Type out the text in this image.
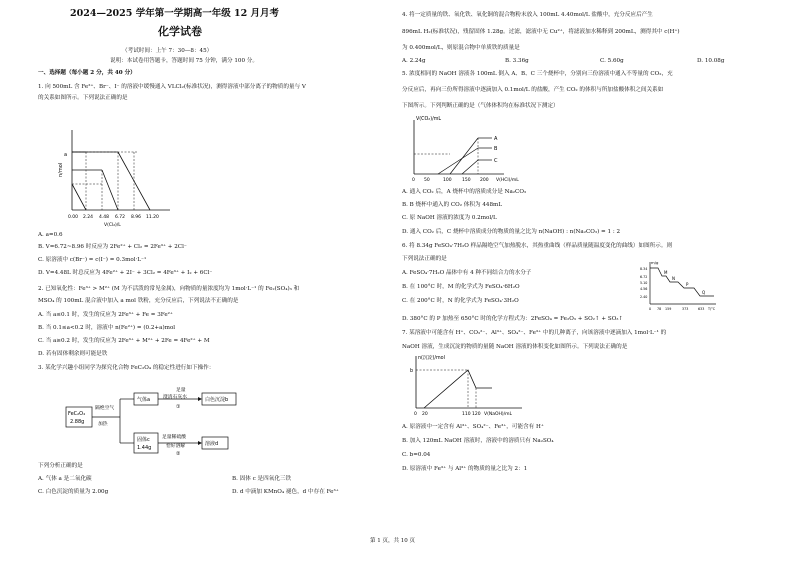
2024—2025 学年第一学期高一年级 12 月月考
化学试卷
（考试时间：上午 7：30—8：45）
说明：本试卷用答题卡，答题时间 75 分钟，满分 100 分。
一、选择题（每小题 2 分，共 40 分）
1. 向 500mL 含 Fe²⁺、Br⁻、I⁻ 的溶液中缓慢通入 VLCl₂(标准状况)，测得溶液中部分离子的物质的量与 V
的关系如图所示。下列说法正确的是
n/mol
a
0.00 2.24 4.48 6.72 8.96 11.20
V(Cl₂)/L
A. a=0.6
B. V=6.72~8.96 时反应为 2Fe²⁺ + Cl₂ = 2Fe³⁺ + 2Cl⁻
C. 原溶液中 c(Br⁻) = c(I⁻) = 0.3mol·L⁻¹
D. V=4.48L 时总反应为 4Fe²⁺ + 2I⁻ + 3Cl₂ = 4Fe³⁺ + I₂ + 6Cl⁻
2. 已知氧化性：Fe³⁺ > M²⁺ (M 为不活泼的常见金属)，向物质的量浓度均为 1mol·L⁻¹ 的 Fe₂(SO₄)₃ 和
MSO₄ 的 100mL 混合液中加入 a mol 铁粉，充分反应后，下列说法不正确的是
A. 当 a≤0.1 时，发生的反应为 2Fe³⁺ + Fe = 3Fe²⁺
B. 当 0.1≤a<0.2 时，溶液中 n(Fe²⁺) = (0.2+a)mol
C. 当 a≥0.2 时，发生的反应为 2Fe³⁺ + M²⁺ + 2Fe = 4Fe²⁺ + M
D. 若有固体剩余则可能是铁
3. 某化学兴趣小组同学为探究化合物 FeC₂O₄ 的稳定性进行如下操作：
FeC₂O₄
2.88g
隔绝空气
加热
气体a
足量
澄清石灰水
①
白色沉淀b
固体c
1.44g
足量稀硫酸
恰好溶解
②
溶液d
下列分析正确的是
A. 气体 a 是二氧化碳	B. 固体 c 是四氧化三铁
C. 白色沉淀的质量为 2.00g	D. d 中滴加 KMnO₄ 褪色，d 中存在 Fe³⁺
4. 将一定质量的铁、氧化铁、氧化铜的混合物粉末放入 100mL 4.40mol/L 盐酸中，充分反应后产生
896mL H₂(标准状况)，残留固体 1.28g。过滤，滤液中无 Cu²⁺，将滤液加水稀释到 200mL，测得其中 c(H⁺)
为 0.400mol/L，则原混合物中单质铁的质量是
A. 2.24g	B. 3.36g	C. 5.60g	D. 10.08g
5. 浓度相同的 NaOH 溶液各 100mL 倒入 A、B、C 三个烧杯中，分别向三份溶液中通入不等量的 CO₂，充
分反应后，再向三份所得溶液中逐滴加入 0.1mol/L 的盐酸，产生 CO₂ 的体积与所加盐酸体积之间关系如
下图所示。下列判断正确的是（气体体积均在标准状况下测定）
V(CO₂)/mL
A
B
C
0 50	100 150 200 V(HCl)/mL
A. 通入 CO₂ 后，A 烧杯中的溶质成分是 Na₂CO₃
B. B 烧杯中通入的 CO₂ 体积为 448mL
C. 原 NaOH 溶液的浓度为 0.2mol/L
D. 通入 CO₂ 后，C 烧杯中溶质成分的物质的量之比为 n(NaOH) : n(Na₂CO₃) = 1 : 2
6. 将 8.34g FeSO₄·7H₂O 样品隔绝空气加热脱水，其热重曲线（样品质量随温度变化的曲线）如图所示。则
下列说法正确的是
A. FeSO₄·7H₂O 晶体中有 4 种不同结合力的水分子
B. 在 100°C 时，M 的化学式为 FeSO₄·6H₂O
C. 在 200°C 时，N 的化学式为 FeSO₄·3H₂O
m/g
M
N
P
Q
8.34
6.72
5.10
4.56
2.40
0 78 159	373	633	T/°C
D. 380°C 的 P 加热至 650°C 时的化学方程式为：2FeSO₄ = Fe₂O₃ + SO₂↑ + SO₃↑
7. 某溶液中可能含有 H⁺、CO₃²⁻、Al³⁺、SO₄²⁻、Fe³⁺ 中的几种离子，向该溶液中逐滴加入 1mol·L⁻¹ 的
NaOH 溶液，生成沉淀的物质的量随 NaOH 溶液的体积变化如图所示。下列说法正确的是
n(沉淀)/mol
b
0 20	110 120 V(NaOH)/mL
A. 原溶液中一定含有 Al³⁺、SO₄²⁻、Fe³⁺，可能含有 H⁺
B. 加入 120mL NaOH 溶液时，溶液中的溶质只有 Na₂SO₄
C. b=0.04
D. 原溶液中 Fe³⁺ 与 Al³⁺ 的物质的量之比为 2：1
第 1 页，共 10 页
